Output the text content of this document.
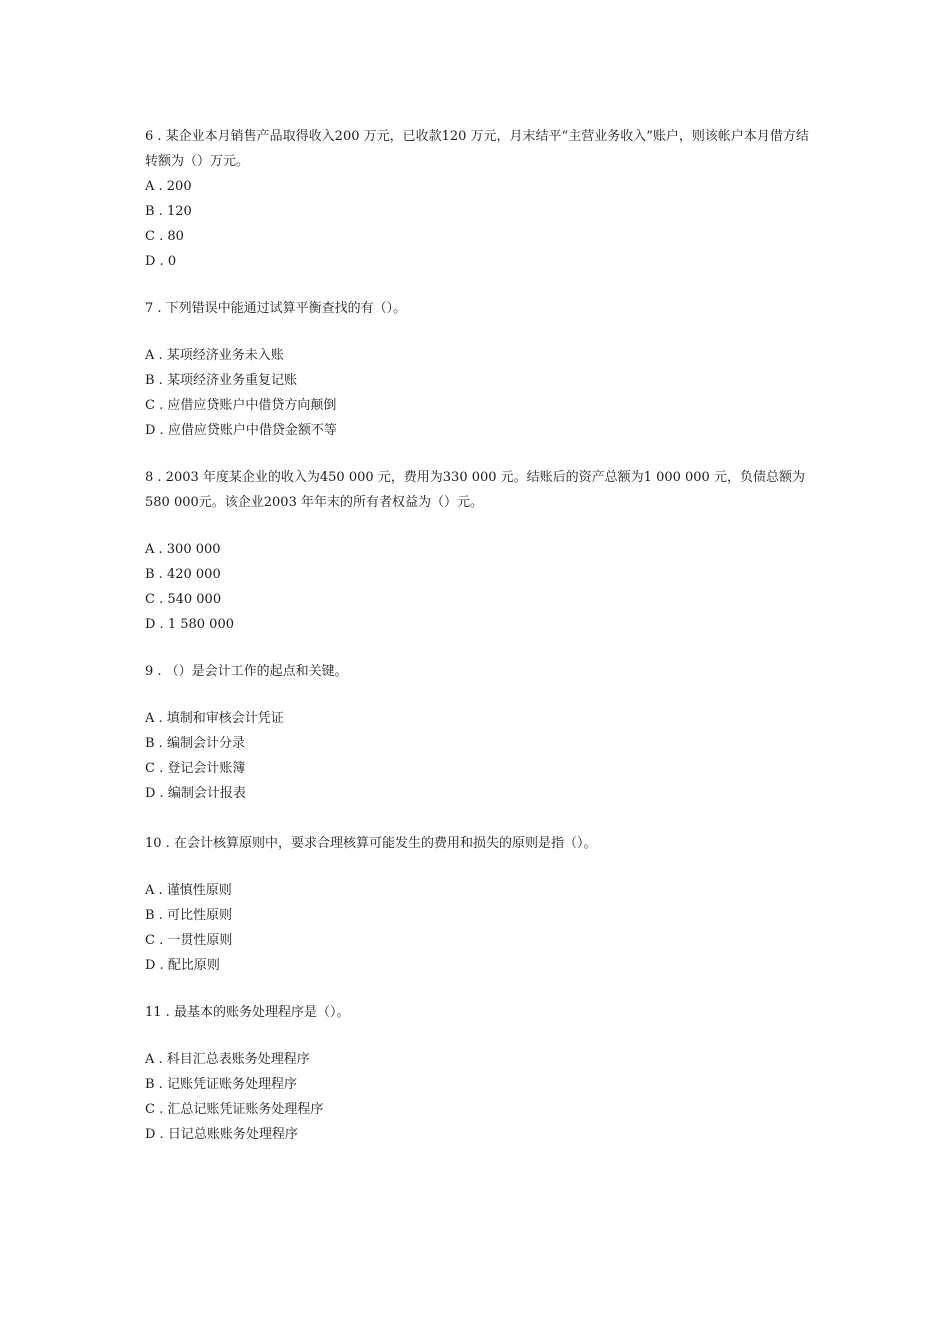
6 . 某企业本月销售产品取得收入200 万元，已收款120 万元，月末结平“主营业务收入”账户，则该帐户本月借方结转额为（）万元。

A . 200
B . 120
C . 80
D . 0

7 . 下列错误中能通过试算平衡查找的有（）。

A . 某项经济业务未入账
B . 某项经济业务重复记账
C . 应借应贷账户中借贷方向颠倒
D . 应借应贷账户中借贷金额不等

8 . 2003 年度某企业的收入为450 000 元，费用为330 000 元。结账后的资产总额为1 000 000 元，负债总额为580 000元。该企业2003 年年末的所有者权益为（）元。

A . 300 000
B . 420 000
C . 540 000
D . 1 580 000

9 . （）是会计工作的起点和关键。

A . 填制和审核会计凭证
B . 编制会计分录
C . 登记会计账簿
D . 编制会计报表

10 . 在会计核算原则中，要求合理核算可能发生的费用和损失的原则是指（）。

A . 谨慎性原则
B . 可比性原则
C . 一贯性原则
D . 配比原则

11 . 最基本的账务处理程序是（）。

A . 科目汇总表账务处理程序
B . 记账凭证账务处理程序
C . 汇总记账凭证账务处理程序
D . 日记总账账务处理程序
